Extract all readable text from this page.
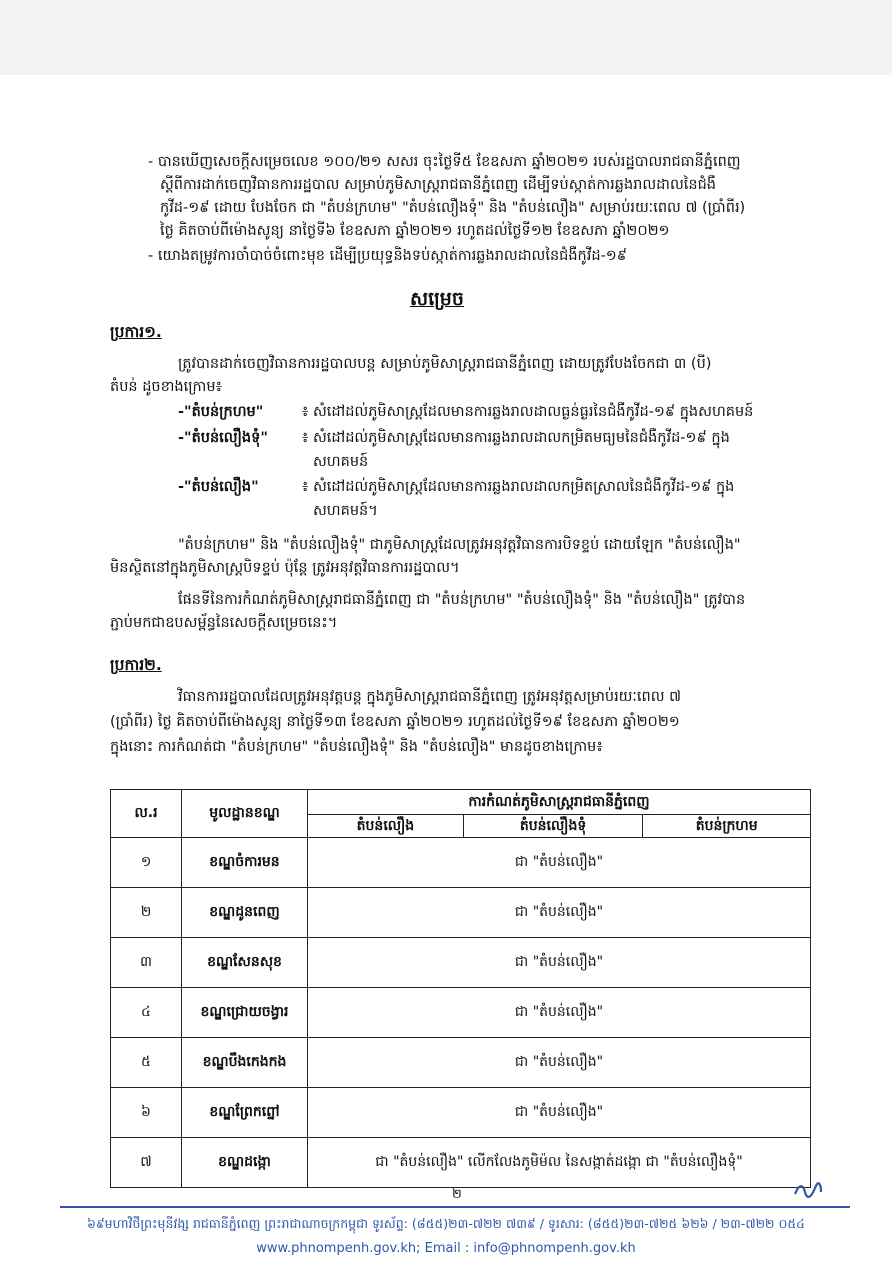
- បានឃើញសេចក្តីសម្រេចលេខ ១០០/២១ សសរ ចុះថ្ងៃទី៥ ខែឧសភា ឆ្នាំ២០២១ របស់រដ្ឋបាលរាជធានីភ្នំពេញ
ស្តីពីការដាក់ចេញវិធានការរដ្ឋបាល សម្រាប់ភូមិសាស្ត្ររាជធានីភ្នំពេញ ដើម្បីទប់ស្កាត់ការឆ្លងរាលដាលនៃជំងឺ
កូវីដ-១៩ ដោយ បែងចែក ជា "តំបន់ក្រហម" "តំបន់លឿងទុំ" និង "តំបន់លឿង" សម្រាប់រយៈពេល ៧ (ប្រាំពីរ)
ថ្ងៃ គិតចាប់ពីម៉ោងសូន្យ នាថ្ងៃទី៦ ខែឧសភា ឆ្នាំ២០២១ រហូតដល់ថ្ងៃទី១២ ខែឧសភា ឆ្នាំ២០២១
- យោងតម្រូវការចាំបាច់ចំពោះមុខ ដើម្បីប្រយុទ្ធនិងទប់ស្កាត់ការឆ្លងរាលដាលនៃជំងឺកូវីដ-១៩
សម្រេច
ប្រការ១.
ត្រូវបានដាក់ចេញវិធានការរដ្ឋបាលបន្ត សម្រាប់ភូមិសាស្ត្ររាជធានីភ្នំពេញ ដោយត្រូវបែងចែកជា ៣ (បី)
តំបន់ ដូចខាងក្រោម៖
-"តំបន់ក្រហម"	៖ សំដៅដល់ភូមិសាស្ត្រដែលមានការឆ្លងរាលដាលធ្ងន់ធ្ងរនៃជំងឺកូវីដ-១៩ ក្នុងសហគមន៍
-"តំបន់លឿងទុំ" ៖ សំដៅដល់ភូមិសាស្ត្រដែលមានការឆ្លងរាលដាលកម្រិតមធ្យមនៃជំងឺកូវីដ-១៩ ក្នុង
សហគមន៍
-"តំបន់លឿង"	៖ សំដៅដល់ភូមិសាស្ត្រដែលមានការឆ្លងរាលដាលកម្រិតស្រាលនៃជំងឺកូវីដ-១៩ ក្នុង
សហគមន៍។
"តំបន់ក្រហម" និង "តំបន់លឿងទុំ" ជាភូមិសាស្ត្រដែលត្រូវអនុវត្តវិធានការបិទខ្ទប់ ដោយឡែក "តំបន់លឿង"
មិនស្ថិតនៅក្នុងភូមិសាស្ត្របិទខ្ទប់ ប៉ុន្តែ ត្រូវអនុវត្តវិធានការរដ្ឋបាល។
ផែនទីនៃការកំណត់ភូមិសាស្ត្ររាជធានីភ្នំពេញ ជា "តំបន់ក្រហម" "តំបន់លឿងទុំ" និង "តំបន់លឿង" ត្រូវបាន
ភ្ជាប់មកជាឧបសម្ព័ន្ធនៃសេចក្តីសម្រេចនេះ។
ប្រការ២.
វិធានការរដ្ឋបាលដែលត្រូវអនុវត្តបន្ត ក្នុងភូមិសាស្ត្ររាជធានីភ្នំពេញ ត្រូវអនុវត្តសម្រាប់រយៈពេល ៧
(ប្រាំពីរ) ថ្ងៃ គិតចាប់ពីម៉ោងសូន្យ នាថ្ងៃទី១៣ ខែឧសភា ឆ្នាំ២០២១ រហូតដល់ថ្ងៃទី១៩ ខែឧសភា ឆ្នាំ២០២១
ក្នុងនោះ ការកំណត់ជា "តំបន់ក្រហម" "តំបន់លឿងទុំ" និង "តំបន់លឿង" មានដូចខាងក្រោម៖
ល.រ	មូលដ្ឋានខណ្ឌ	ការកំណត់ភូមិសាស្ត្ររាជធានីភ្នំពេញ		
		តំបន់លឿង	តំបន់លឿងទុំ	តំបន់ក្រហម
១	ខណ្ឌចំការមន	ជា "តំបន់លឿង"		
២	ខណ្ឌដូនពេញ	ជា "តំបន់លឿង"		
៣	ខណ្ឌសែនសុខ	ជា "តំបន់លឿង"		
៤	ខណ្ឌជ្រោយចង្វារ	ជា "តំបន់លឿង"		
៥	ខណ្ឌបឹងកេងកង	ជា "តំបន់លឿង"		
៦	ខណ្ឌព្រែកព្នៅ	ជា "តំបន់លឿង"		
៧	ខណ្ឌដង្កោ	ជា "តំបន់លឿង" លើកលែងភូមិម៉ល នៃសង្កាត់ដង្កោ ជា "តំបន់លឿងទុំ"		
២
៦៩មហាវិថីព្រះមុនីវង្ស រាជធានីភ្នំពេញ ព្រះរាជាណាចក្រកម្ពុជា ទូរស័ព្ទ: (៨៥៥)២៣-៧២២ ៧៣៩ / ទូរសារ: (៨៥៥)២៣-៧២៥ ៦២៦ / ២៣-៧២២ ០៥៤
www.phnompenh.gov.kh; Email : info@phnompenh.gov.kh
